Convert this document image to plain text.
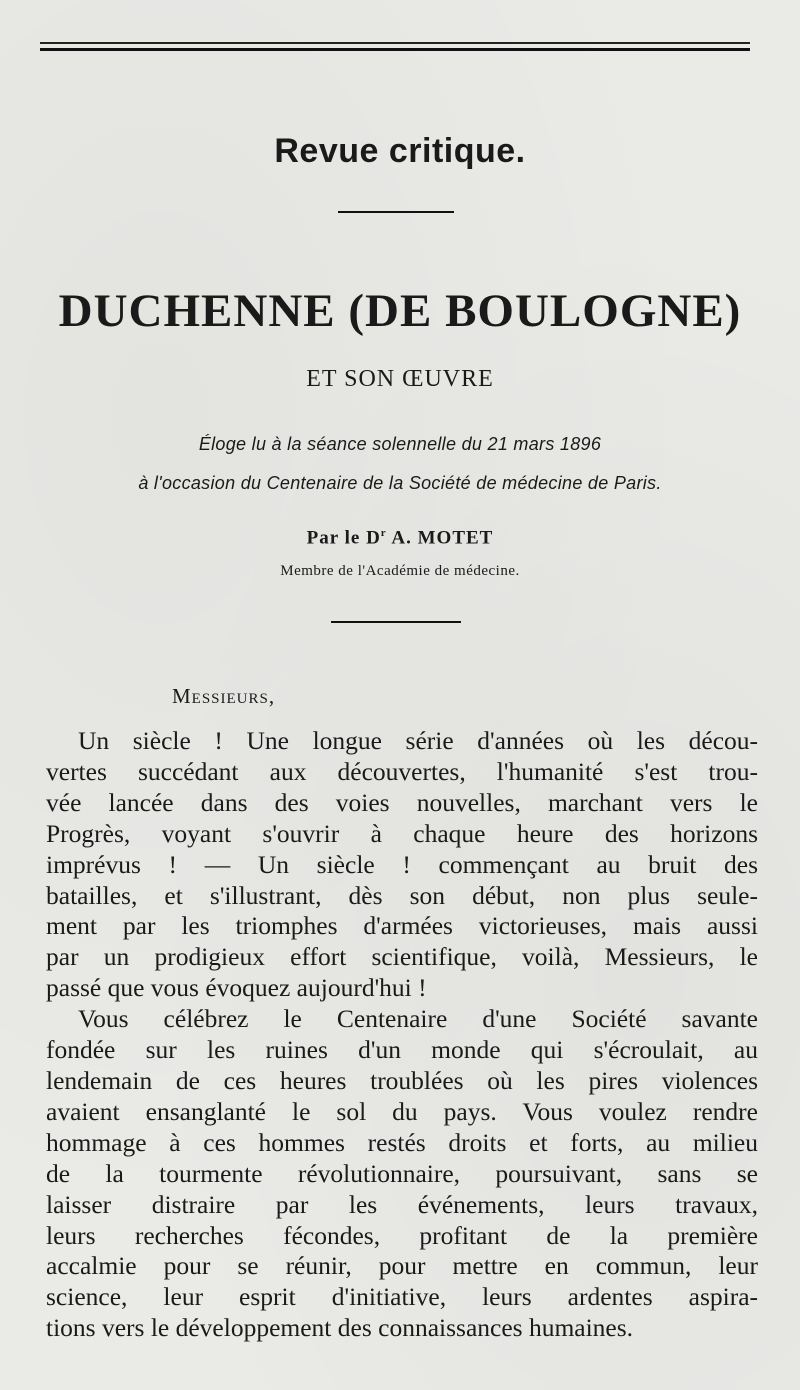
Revue critique.
DUCHENNE (DE BOULOGNE)
ET SON ŒUVRE
Éloge lu à la séance solennelle du 21 mars 1896
à l'occasion du Centenaire de la Société de médecine de Paris.
Par le $D^r$ A. MOTET
Membre de l'Académie de médecine.
Messieurs,
Un siècle ! Une longue série d'années où les décou-
vertes succédant aux découvertes, l'humanité s'est trou-
vée lancée dans des voies nouvelles, marchant vers le
Progrès, voyant s'ouvrir à chaque heure des horizons
imprévus ! — Un siècle ! commençant au bruit des
batailles, et s'illustrant, dès son début, non plus seule-
ment par les triomphes d'armées victorieuses, mais aussi
par un prodigieux effort scientifique, voilà, Messieurs, le
passé que vous évoquez aujourd'hui !
Vous célébrez le Centenaire d'une Société savante
fondée sur les ruines d'un monde qui s'écroulait, au
lendemain de ces heures troublées où les pires violences
avaient ensanglanté le sol du pays. Vous voulez rendre
hommage à ces hommes restés droits et forts, au milieu
de la tourmente révolutionnaire, poursuivant, sans se
laisser distraire par les événements, leurs travaux,
leurs recherches fécondes, profitant de la première
accalmie pour se réunir, pour mettre en commun, leur
science, leur esprit d'initiative, leurs ardentes aspira-
tions vers le développement des connaissances humaines.
